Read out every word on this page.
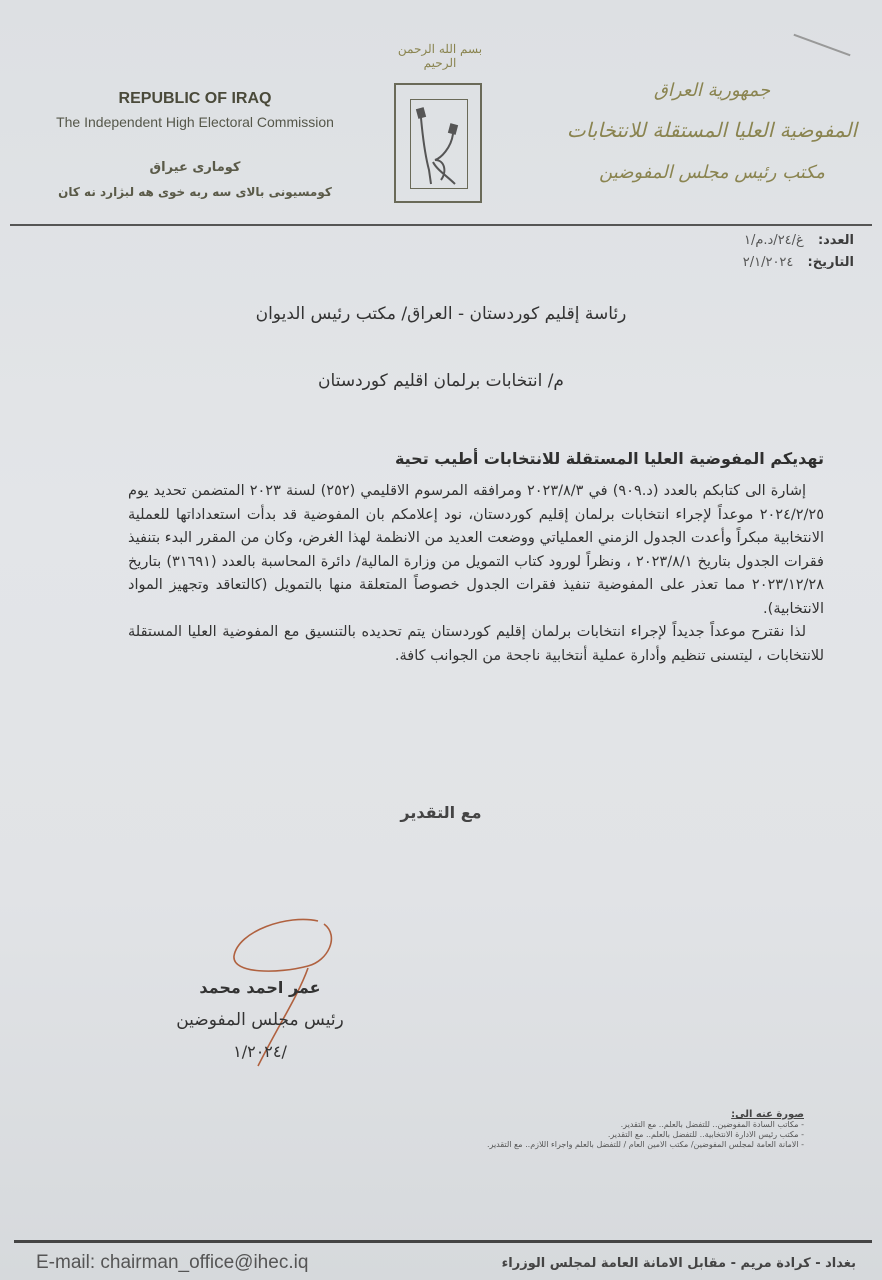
REPUBLIC OF IRAQ
The Independent High Electoral Commission
كوماری عیراق
كومسیونی بالای سه ربه خوی هه لبژارد نه كان
بسم الله الرحمن الرحيم
جمهورية العراق
المفوضية العليا المستقلة للانتخابات
مكتب رئيس مجلس المفوضين
العدد: غ/٢٤/د.م/١
التاريخ: ٢/١/٢٠٢٤
رئاسة إقليم كوردستان - العراق/ مكتب رئيس الديوان
م/ انتخابات برلمان اقليم كوردستان
تهديكم المفوضية العليا المستقلة للانتخابات أطيب تحية

إشارة الى كتابكم بالعدد (د.٩٠٩) في ٢٠٢٣/٨/٣ ومرافقه المرسوم الاقليمي (٢٥٢) لسنة ٢٠٢٣ المتضمن تحديد يوم ٢٠٢٤/٢/٢٥ موعداً لإجراء انتخابات برلمان إقليم كوردستان، نود إعلامكم بان المفوضية قد بدأت استعداداتها للعملية الانتخابية مبكراً وأعدت الجدول الزمني العملياتي ووضعت العديد من الانظمة لهذا الغرض، وكان من المقرر البدء بتنفيذ فقرات الجدول بتاريخ ٢٠٢٣/٨/١ ، ونظراً لورود كتاب التمويل من وزارة المالية/ دائرة المحاسبة بالعدد (٣١٦٩١) بتاريخ ٢٠٢٣/١٢/٢٨ مما تعذر على المفوضية تنفيذ فقرات الجدول خصوصاً المتعلقة منها بالتمويل (كالتعاقد وتجهيز المواد الانتخابية).

لذا نقترح موعداً جديداً لإجراء انتخابات برلمان إقليم كوردستان يتم تحديده بالتنسيق مع المفوضية العليا المستقلة للانتخابات ، ليتسنى تنظيم وأدارة عملية أنتخابية ناجحة من الجوانب كافة.

مع التقدير
عمر احمد محمد
رئيس مجلس المفوضين
/١/٢٠٢٤
صورة عنه الى:
- مكاتب السادة المفوضين.. للتفضل بالعلم.. مع التقدير.
- مكتب رئيس الادارة الانتخابية.. للتفضل بالعلم.. مع التقدير.
- الامانة العامة لمجلس المفوضين/ مكتب الامين العام / للتفضل بالعلم واجراء اللازم.. مع التقدير.
E-mail: chairman_office@ihec.iq	بغداد - كرادة مريم - مقابل الامانة العامة لمجلس الوزراء
